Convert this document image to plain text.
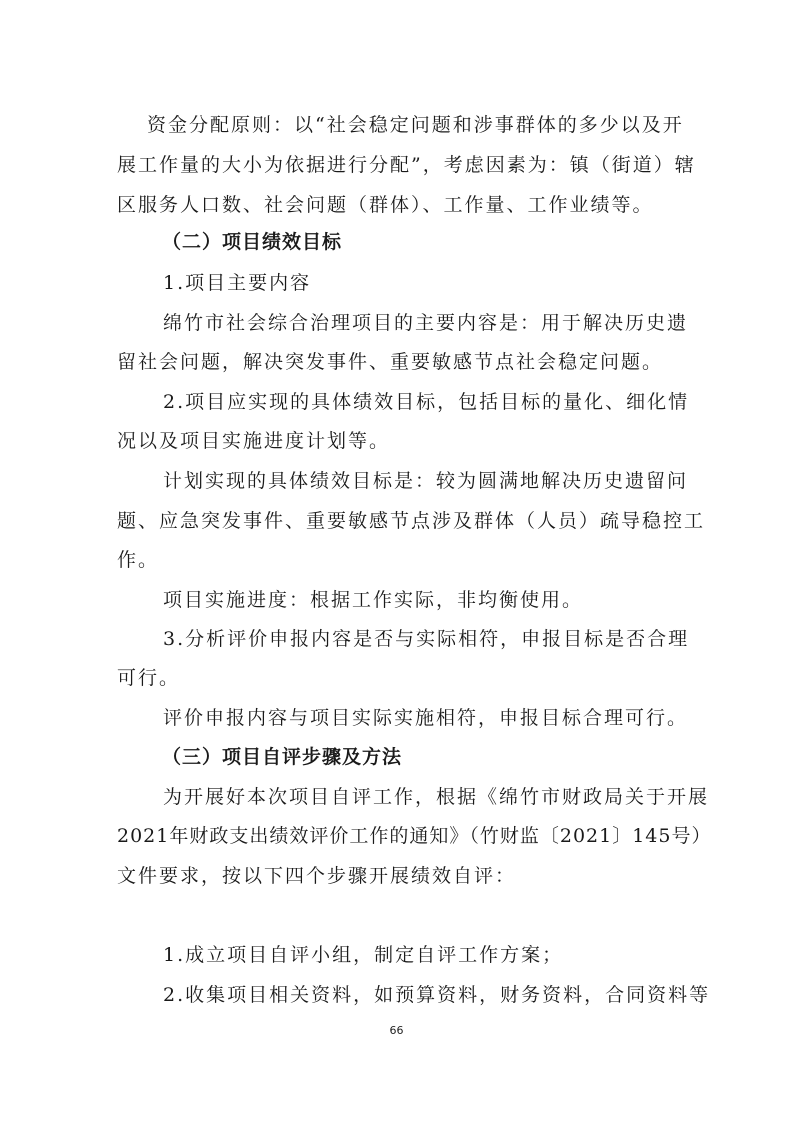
资金分配原则：以“社会稳定问题和涉事群体的多少以及开
展工作量的大小为依据进行分配”，考虑因素为：镇（街道）辖
区服务人口数、社会问题（群体）、工作量、工作业绩等。
（二）项目绩效目标
1.项目主要内容
绵竹市社会综合治理项目的主要内容是：用于解决历史遗
留社会问题，解决突发事件、重要敏感节点社会稳定问题。
2.项目应实现的具体绩效目标，包括目标的量化、细化情
况以及项目实施进度计划等。
计划实现的具体绩效目标是：较为圆满地解决历史遗留问
题、应急突发事件、重要敏感节点涉及群体（人员）疏导稳控工
作。
项目实施进度：根据工作实际，非均衡使用。
3.分析评价申报内容是否与实际相符，申报目标是否合理
可行。
评价申报内容与项目实际实施相符，申报目标合理可行。
（三）项目自评步骤及方法
为开展好本次项目自评工作，根据《绵竹市财政局关于开展
2021年财政支出绩效评价工作的通知》（竹财监〔2021〕145号）
文件要求，按以下四个步骤开展绩效自评：
1.成立项目自评小组，制定自评工作方案；
2.收集项目相关资料，如预算资料，财务资料，合同资料等
66
